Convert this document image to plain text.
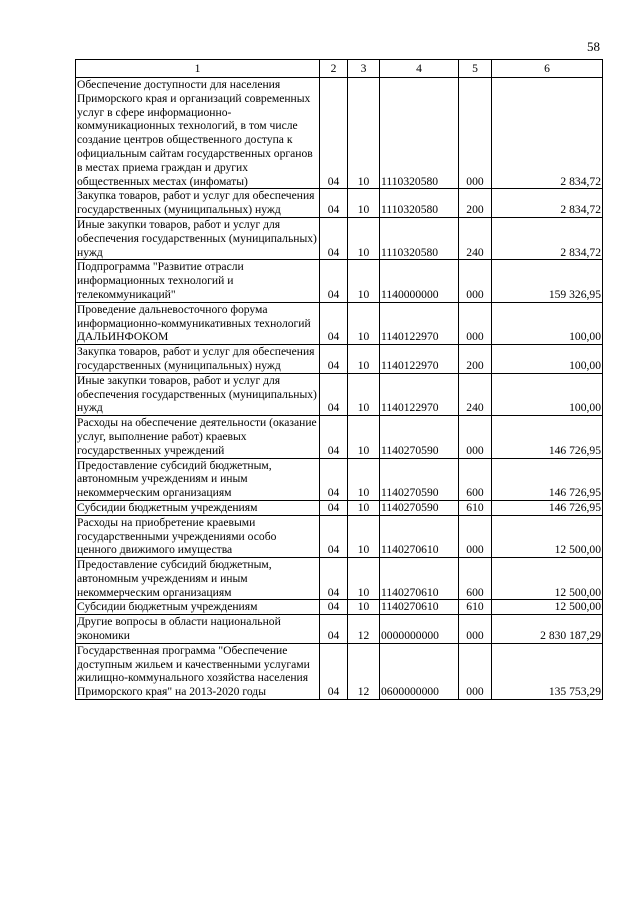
58
1	2	3	4	5	6
Обеспечение доступности для населения Приморского края и организаций современных услуг в сфере информационно-коммуникационных технологий, в том числе создание центров общественного доступа к официальным сайтам государственных органов в местах приема граждан и других общественных местах (инфоматы)	04	10	1110320580	000	2 834,72
Закупка товаров, работ и услуг для обеспечения государственных (муниципальных) нужд	04	10	1110320580	200	2 834,72
Иные закупки товаров, работ и услуг для обеспечения государственных (муниципальных) нужд	04	10	1110320580	240	2 834,72
Подпрограмма "Развитие отрасли информационных технологий и телекоммуникаций"	04	10	1140000000	000	159 326,95
Проведение дальневосточного форума информационно-коммуникативных технологий ДАЛЬИНФОКОМ	04	10	1140122970	000	100,00
Закупка товаров, работ и услуг для обеспечения государственных (муниципальных) нужд	04	10	1140122970	200	100,00
Иные закупки товаров, работ и услуг для обеспечения государственных (муниципальных) нужд	04	10	1140122970	240	100,00
Расходы на обеспечение деятельности (оказание услуг, выполнение работ) краевых государственных учреждений	04	10	1140270590	000	146 726,95
Предоставление субсидий бюджетным, автономным учреждениям и иным некоммерческим организациям	04	10	1140270590	600	146 726,95
Субсидии бюджетным учреждениям	04	10	1140270590	610	146 726,95
Расходы на приобретение краевыми государственными учреждениями особо ценного движимого имущества	04	10	1140270610	000	12 500,00
Предоставление субсидий бюджетным, автономным учреждениям и иным некоммерческим организациям	04	10	1140270610	600	12 500,00
Субсидии бюджетным учреждениям	04	10	1140270610	610	12 500,00
Другие вопросы в области национальной экономики	04	12	0000000000	000	2 830 187,29
Государственная программа "Обеспечение доступным жильем и качественными услугами жилищно-коммунального хозяйства населения Приморского края" на 2013-2020 годы	04	12	0600000000	000	135 753,29
